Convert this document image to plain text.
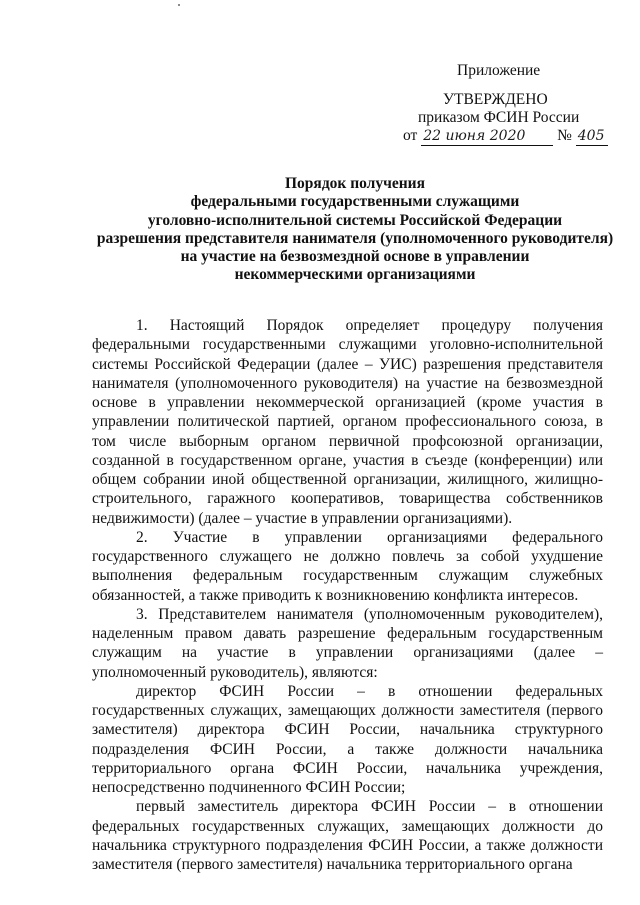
Приложение
УТВЕРЖДЕНО
приказом ФСИН России
от 22 июня 2020 № 405
Порядок получения
федеральными государственными служащими
уголовно-исполнительной системы Российской Федерации
разрешения представителя нанимателя (уполномоченного руководителя)
на участие на безвозмездной основе в управлении
некоммерческими организациями

1. Настоящий Порядок определяет процедуру получения федеральными государственными служащими уголовно-исполнительной системы Российской Федерации (далее – УИС) разрешения представителя нанимателя (уполномоченного руководителя) на участие на безвозмездной основе в управлении некоммерческой организацией (кроме участия в управлении политической партией, органом профессионального союза, в том числе выборным органом первичной профсоюзной организации, созданной в государственном органе, участия в съезде (конференции) или общем собрании иной общественной организации, жилищного, жилищно-строительного, гаражного кооперативов, товарищества собственников недвижимости) (далее – участие в управлении организациями).

2. Участие в управлении организациями федерального государственного служащего не должно повлечь за собой ухудшение выполнения федеральным государственным служащим служебных обязанностей, а также приводить к возникновению конфликта интересов.

3. Представителем нанимателя (уполномоченным руководителем), наделенным правом давать разрешение федеральным государственным служащим на участие в управлении организациями (далее – уполномоченный руководитель), являются:

директор ФСИН России – в отношении федеральных государственных служащих, замещающих должности заместителя (первого заместителя) директора ФСИН России, начальника структурного подразделения ФСИН России, а также должности начальника территориального органа ФСИН России, начальника учреждения, непосредственно подчиненного ФСИН России;

первый заместитель директора ФСИН России – в отношении федеральных государственных служащих, замещающих должности до начальника структурного подразделения ФСИН России, а также должности заместителя (первого заместителя) начальника территориального органа
